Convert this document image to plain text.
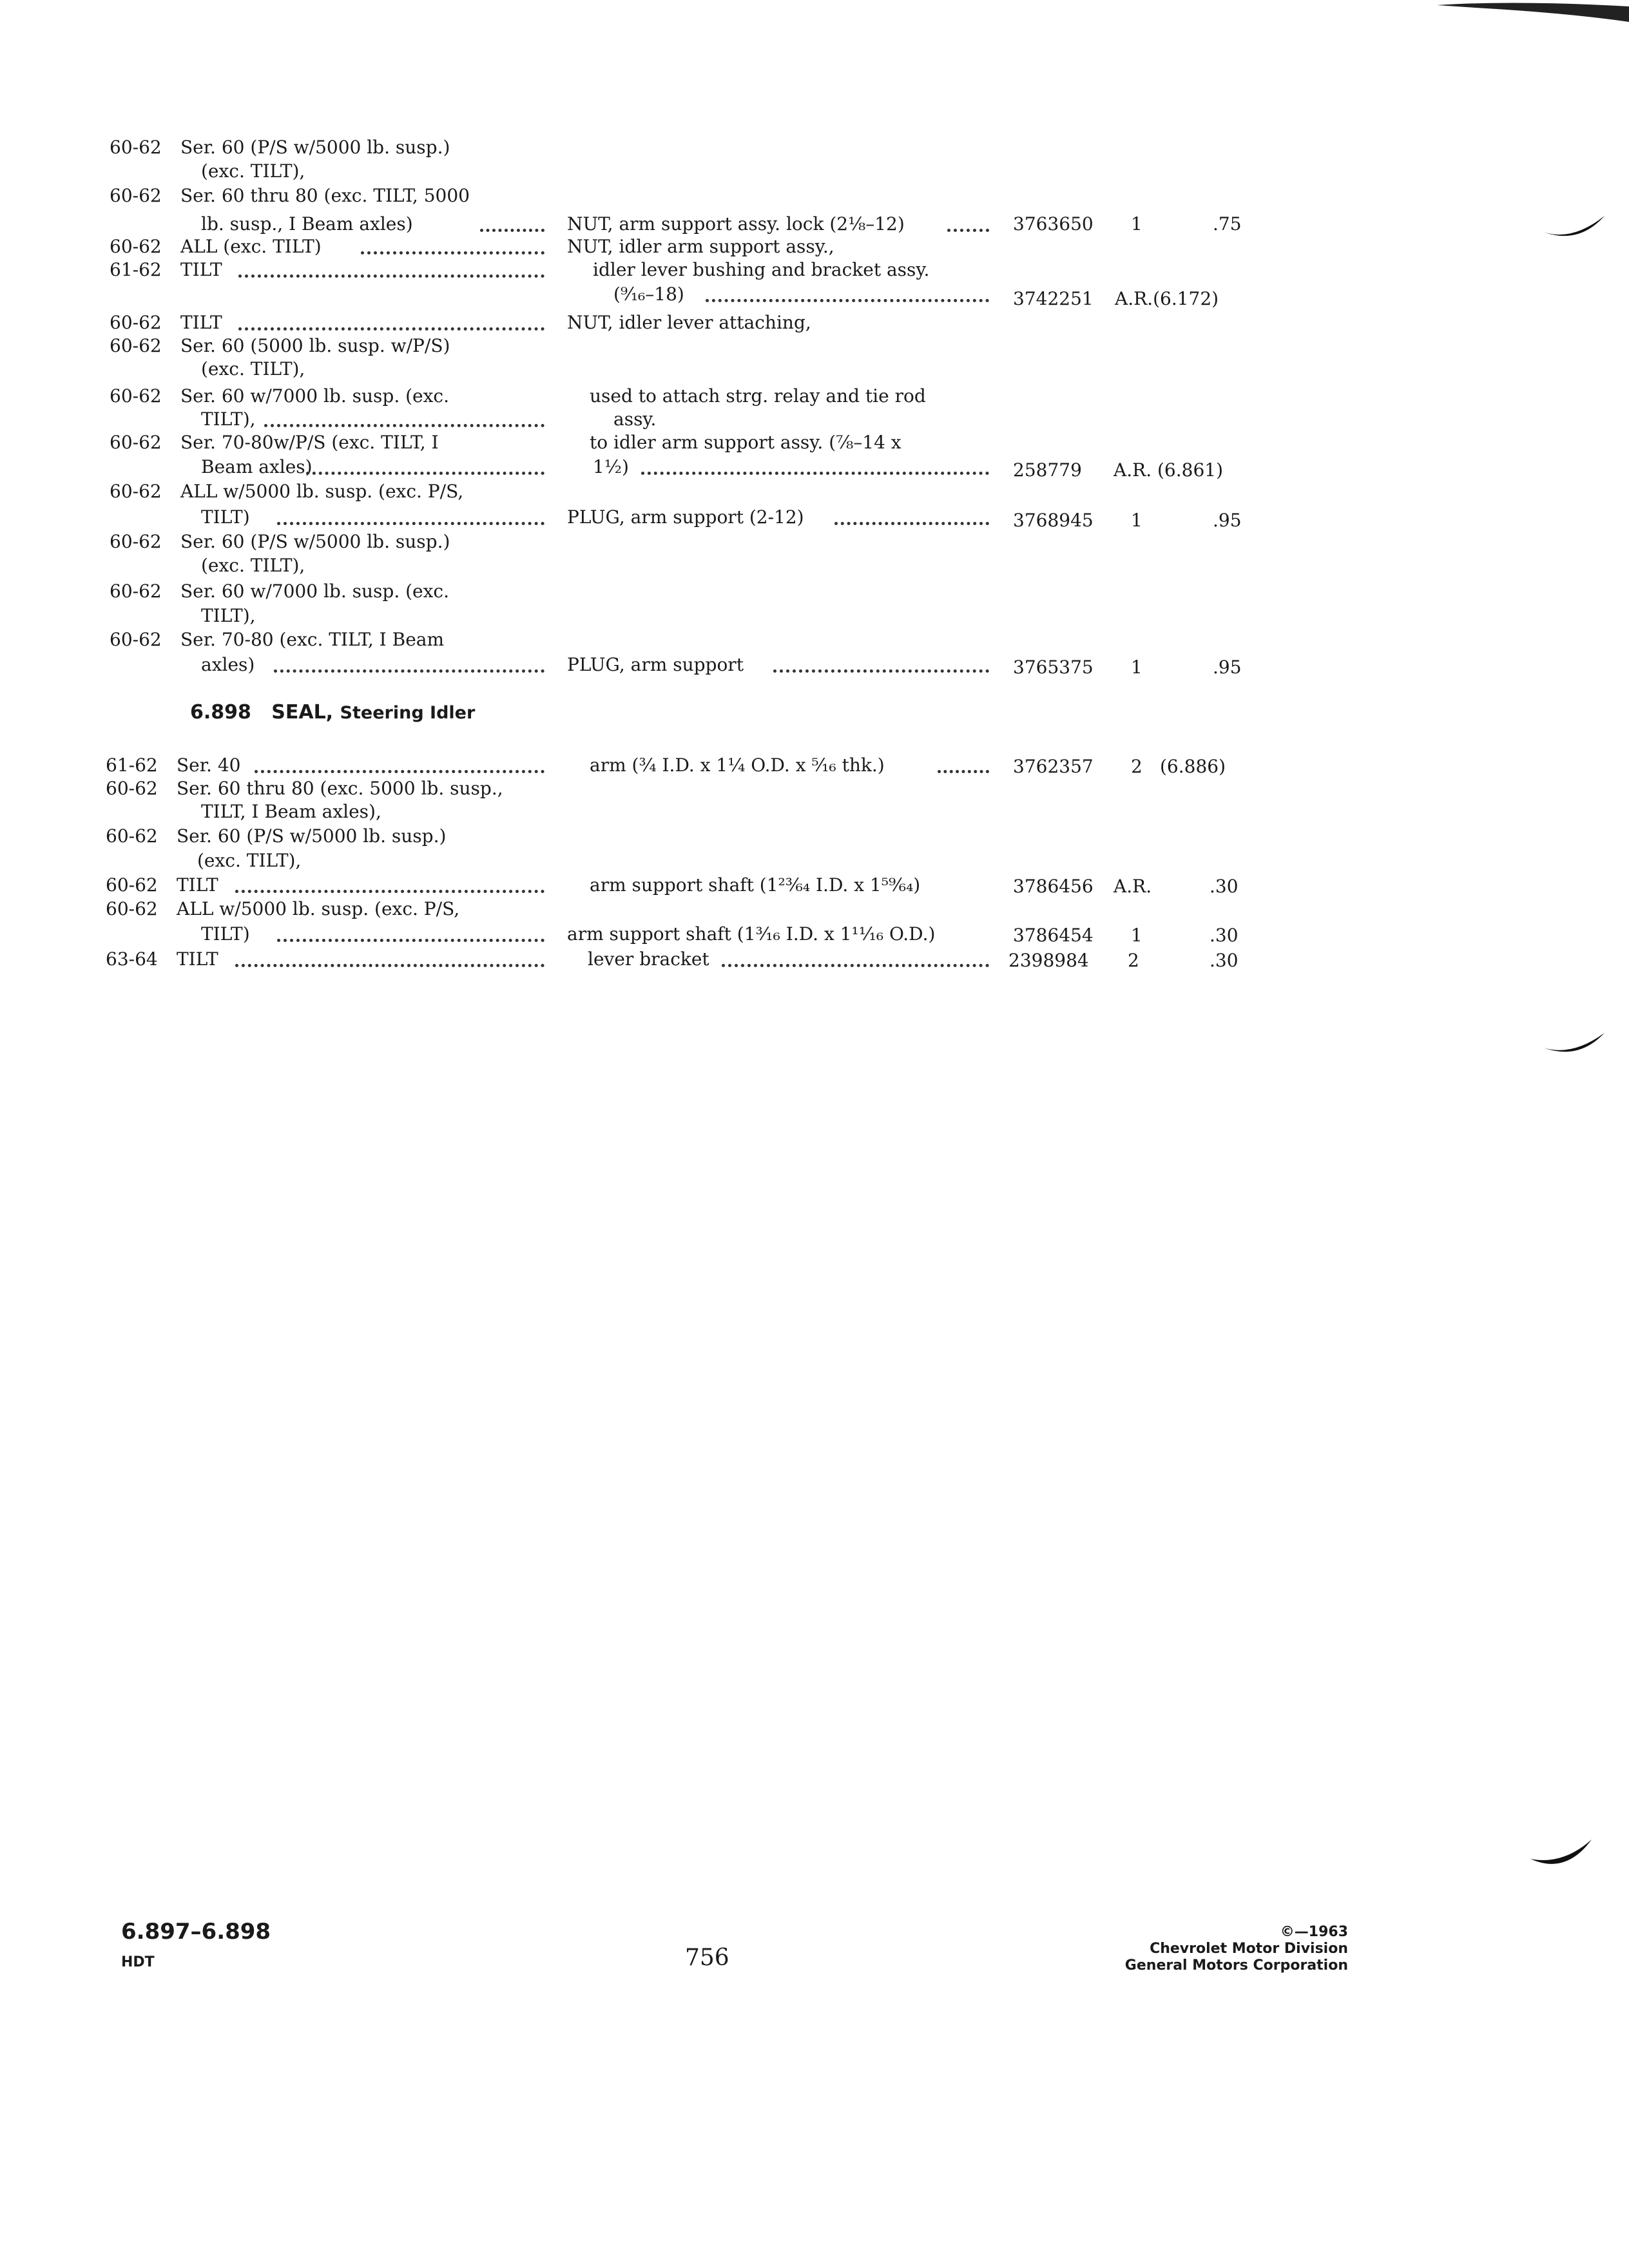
60-62 Ser. 60 (P/S w/5000 lb. susp.)
(exc. TILT),
60-62 Ser. 60 thru 80 (exc. TILT, 5000
lb. susp., I Beam axles)	NUT, arm support assy. lock (2⅛–12)	3763650 1	.75
60-62 ALL (exc. TILT)	NUT, idler arm support assy.,
61-62 TILT	idler lever bushing and bracket assy.
(⁹⁄₁₆–18)	3742251 A.R.(6.172)
60-62 TILT	NUT, idler lever attaching,
60-62 Ser. 60 (5000 lb. susp. w/P/S)
(exc. TILT),
60-62 Ser. 60 w/7000 lb. susp. (exc.	used to attach strg. relay and tie rod
TILT),	assy.
60-62 Ser. 70-80w/P/S (exc. TILT, I	to idler arm support assy. (⅞–14 x
Beam axles)	1½)	258779 A.R. (6.861)
60-62 ALL w/5000 lb. susp. (exc. P/S,
TILT)	PLUG, arm support (2-12)	3768945 1	.95
60-62 Ser. 60 (P/S w/5000 lb. susp.)
(exc. TILT),
60-62 Ser. 60 w/7000 lb. susp. (exc.
TILT),
60-62 Ser. 70-80 (exc. TILT, I Beam
axles)	PLUG, arm support	3765375 1	.95
6.898 SEAL, Steering Idler
61-62 Ser. 40	arm (¾ I.D. x 1¼ O.D. x ⁵⁄₁₆ thk.)	3762357 2 (6.886)
60-62 Ser. 60 thru 80 (exc. 5000 lb. susp.,
TILT, I Beam axles),
60-62 Ser. 60 (P/S w/5000 lb. susp.)
(exc. TILT),
60-62 TILT	arm support shaft (1²³⁄₆₄ I.D. x 1⁵⁹⁄₆₄)	3786456 A.R.	.30
60-62 ALL w/5000 lb. susp. (exc. P/S,
TILT)	arm support shaft (1³⁄₁₆ I.D. x 1¹¹⁄₁₆ O.D.)	3786454 1	.30
63-64 TILT	lever bracket	2398984 2	.30
6.897–6.898
HDT	756
©—1963
Chevrolet Motor Division
General Motors Corporation
